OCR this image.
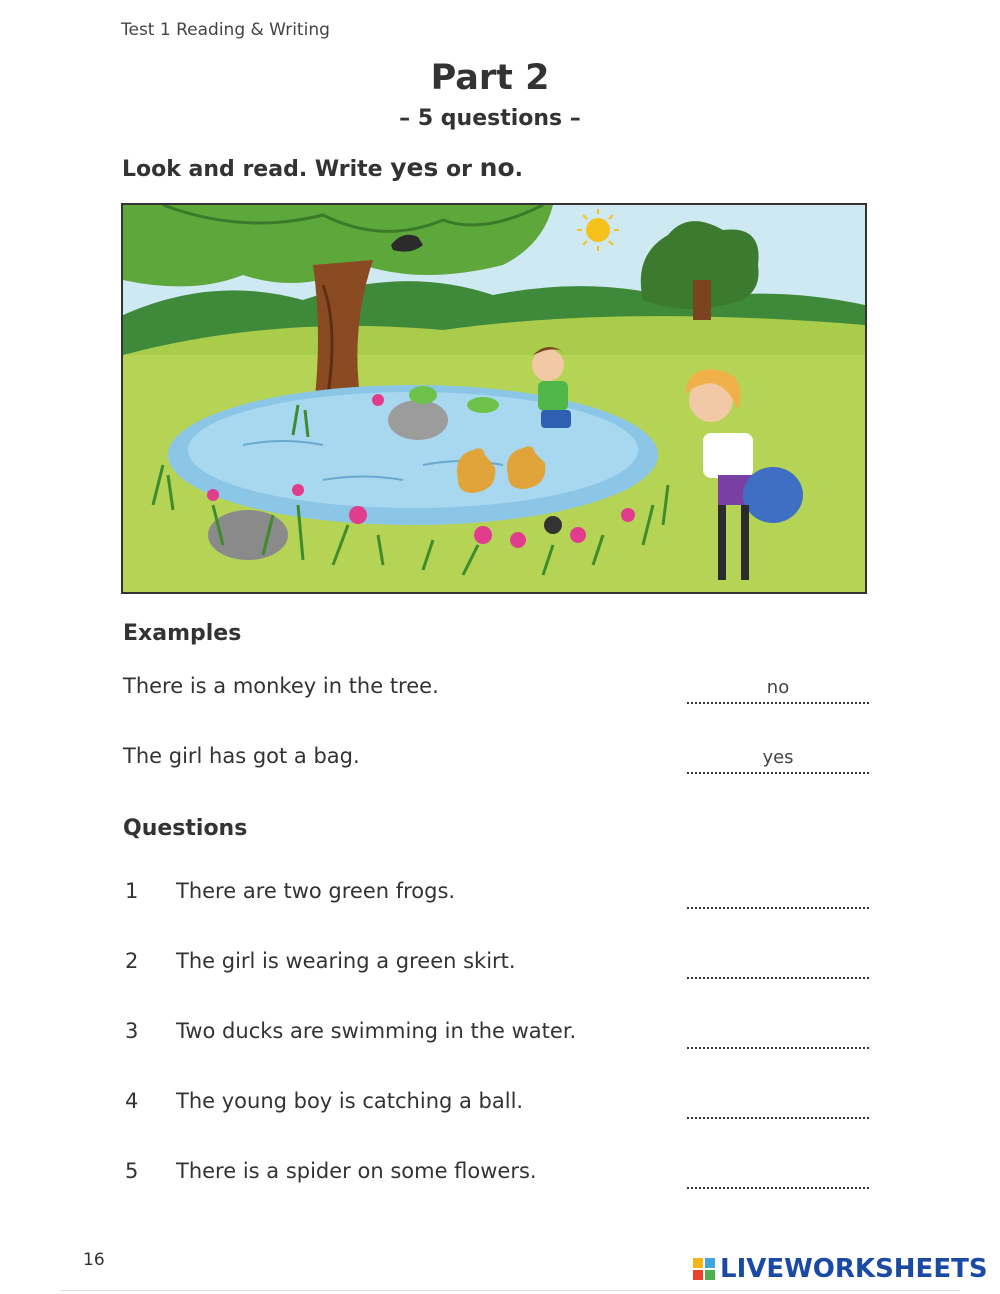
Test 1 Reading & Writing
Part 2
– 5 questions –
Look and read. Write yes or no.
Examples
There is a monkey in the tree.
no
The girl has got a bag.
yes
Questions
1 There are two green frogs.
2 The girl is wearing a green skirt.
3 Two ducks are swimming in the water.
4 The young boy is catching a ball.
5 There is a spider on some flowers.
16	LIVEWORKSHEETS
